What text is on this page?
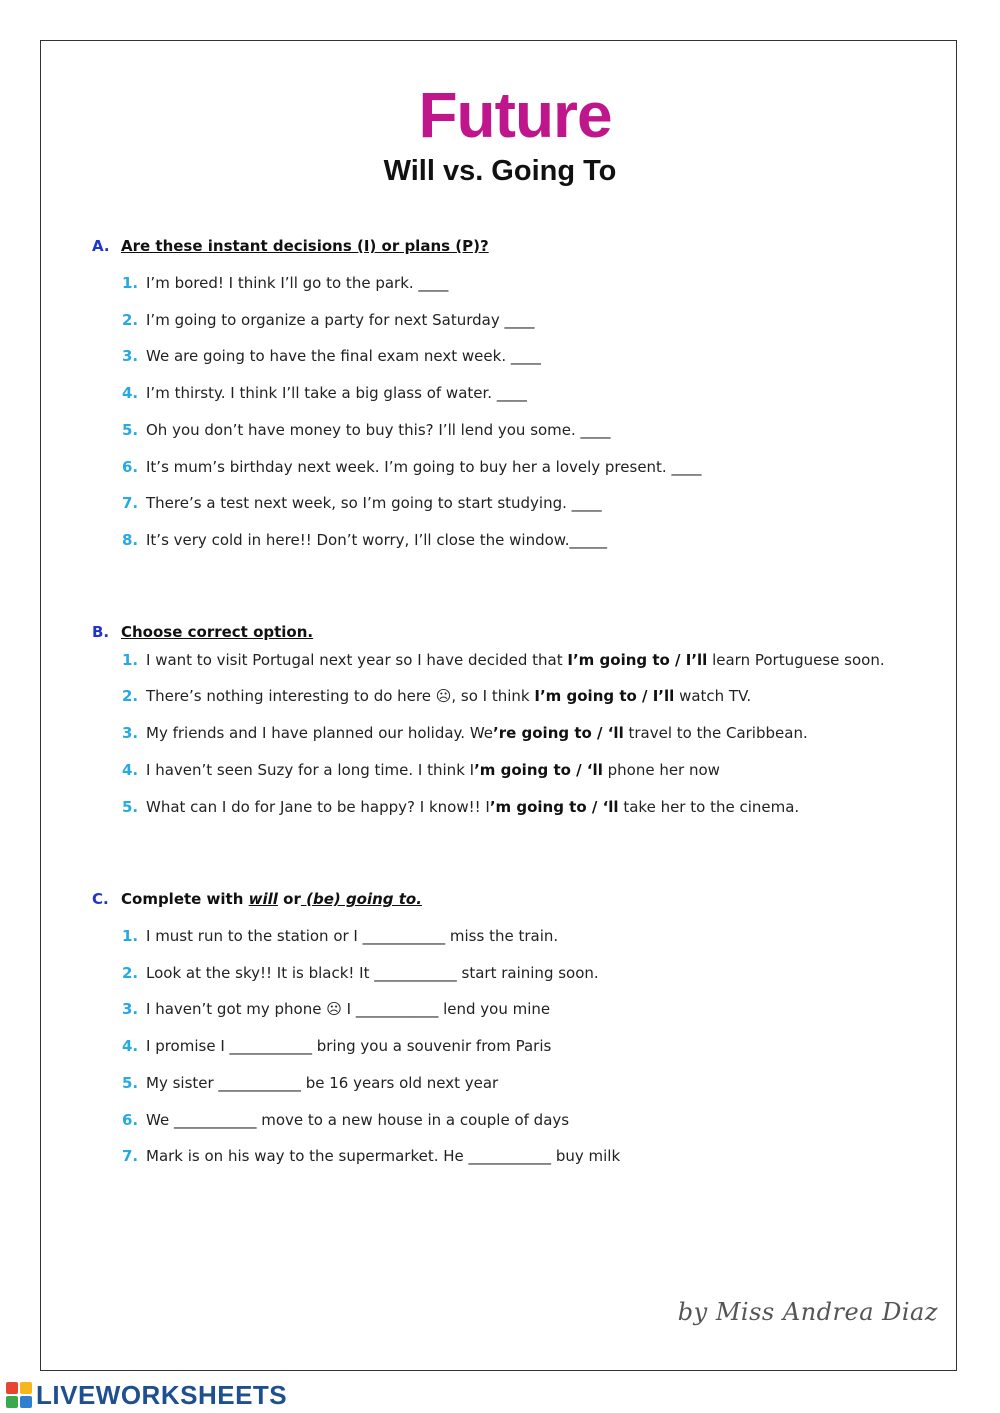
Future
Will vs. Going To
A. Are these instant decisions (I) or plans (P)?
1. I’m bored! I think I’ll go to the park. ____
2. I’m going to organize a party for next Saturday ____
3. We are going to have the final exam next week. ____
4. I’m thirsty. I think I’ll take a big glass of water. ____
5. Oh you don’t have money to buy this? I’ll lend you some. ____
6. It’s mum’s birthday next week. I’m going to buy her a lovely present. ____
7. There’s a test next week, so I’m going to start studying. ____
8. It’s very cold in here!! Don’t worry, I’ll close the window._____
B. Choose correct option.
1. I want to visit Portugal next year so I have decided that I’m going to / I’ll learn Portuguese soon.
2. There’s nothing interesting to do here ☹, so I think I’m going to / I’ll watch TV.
3. My friends and I have planned our holiday. We’re going to / ‘ll travel to the Caribbean.
4. I haven’t seen Suzy for a long time. I think I’m going to / ‘ll phone her now
5. What can I do for Jane to be happy? I know!! I’m going to / ‘ll take her to the cinema.
C. Complete with will or (be) going to.
1. I must run to the station or I ___________ miss the train.
2. Look at the sky!! It is black! It ___________ start raining soon.
3. I haven’t got my phone ☹ I ___________ lend you mine
4. I promise I ___________ bring you a souvenir from Paris
5. My sister ___________ be 16 years old next year
6. We ___________ move to a new house in a couple of days
7. Mark is on his way to the supermarket. He ___________ buy milk
by Miss Andrea Diaz
LIVEWORKSHEETS
